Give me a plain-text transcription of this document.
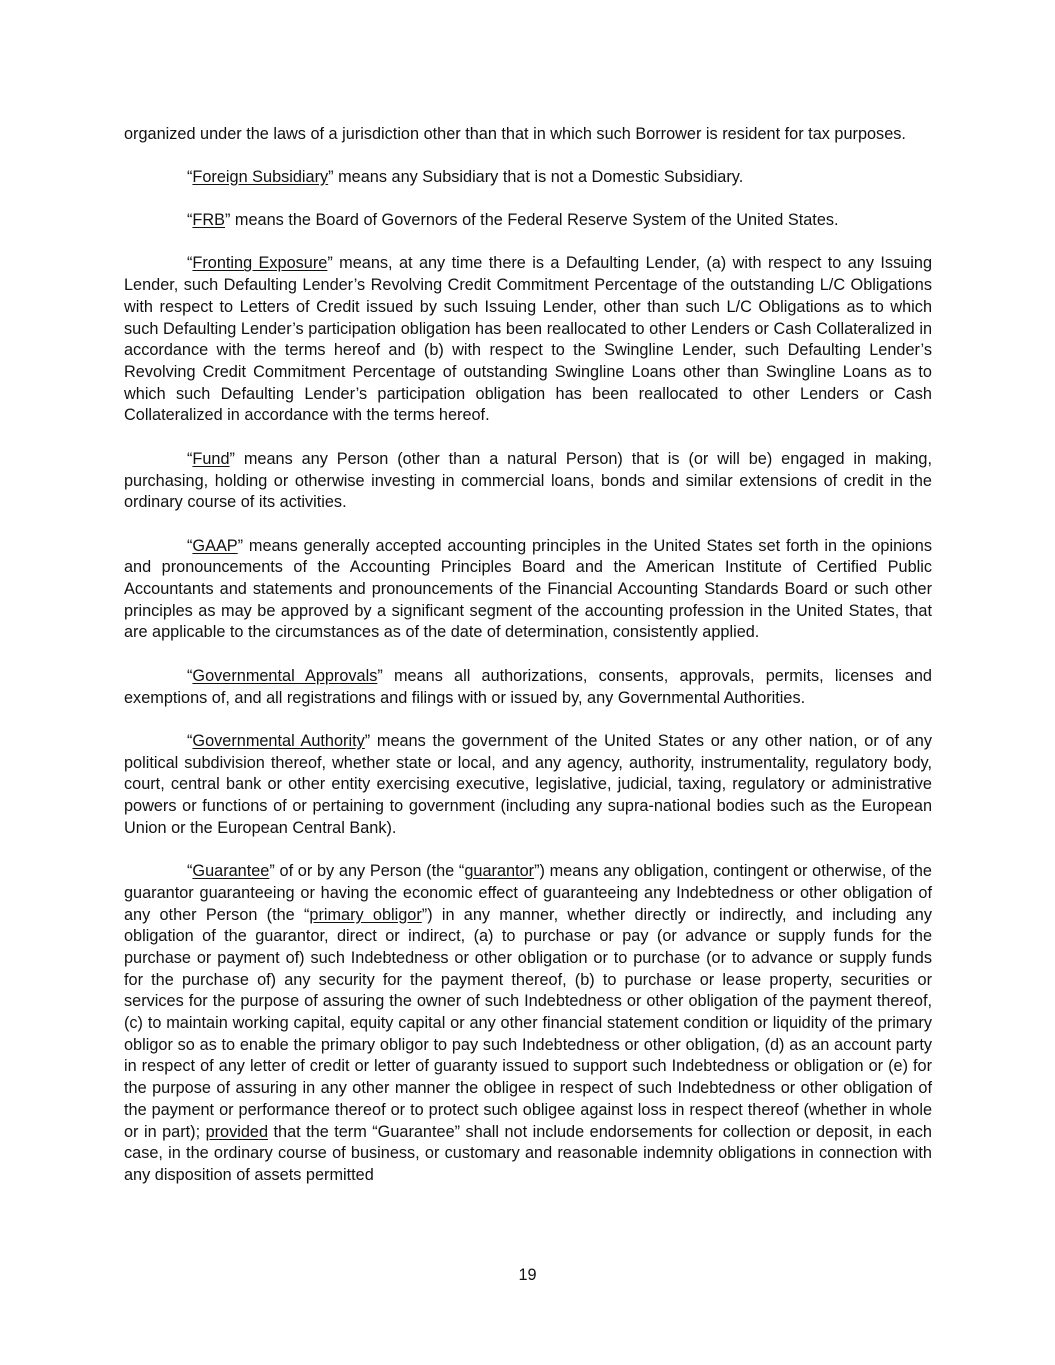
organized under the laws of a jurisdiction other than that in which such Borrower is resident for tax purposes.

“Foreign Subsidiary” means any Subsidiary that is not a Domestic Subsidiary.

“FRB” means the Board of Governors of the Federal Reserve System of the United States.

“Fronting Exposure” means, at any time there is a Defaulting Lender, (a) with respect to any Issuing Lender, such Defaulting Lender’s Revolving Credit Commitment Percentage of the outstanding L/C Obligations with respect to Letters of Credit issued by such Issuing Lender, other than such L/C Obligations as to which such Defaulting Lender’s participation obligation has been reallocated to other Lenders or Cash Collateralized in accordance with the terms hereof and (b) with respect to the Swingline Lender, such Defaulting Lender’s Revolving Credit Commitment Percentage of outstanding Swingline Loans other than Swingline Loans as to which such Defaulting Lender’s participation obligation has been reallocated to other Lenders or Cash Collateralized in accordance with the terms hereof.

“Fund” means any Person (other than a natural Person) that is (or will be) engaged in making, purchasing, holding or otherwise investing in commercial loans, bonds and similar extensions of credit in the ordinary course of its activities.

“GAAP” means generally accepted accounting principles in the United States set forth in the opinions and pronouncements of the Accounting Principles Board and the American Institute of Certified Public Accountants and statements and pronouncements of the Financial Accounting Standards Board or such other principles as may be approved by a significant segment of the accounting profession in the United States, that are applicable to the circumstances as of the date of determination, consistently applied.

“Governmental Approvals” means all authorizations, consents, approvals, permits, licenses and exemptions of, and all registrations and filings with or issued by, any Governmental Authorities.

“Governmental Authority” means the government of the United States or any other nation, or of any political subdivision thereof, whether state or local, and any agency, authority, instrumentality, regulatory body, court, central bank or other entity exercising executive, legislative, judicial, taxing, regulatory or administrative powers or functions of or pertaining to government (including any supra-national bodies such as the European Union or the European Central Bank).

“Guarantee” of or by any Person (the “guarantor”) means any obligation, contingent or otherwise, of the guarantor guaranteeing or having the economic effect of guaranteeing any Indebtedness or other obligation of any other Person (the “primary obligor”) in any manner, whether directly or indirectly, and including any obligation of the guarantor, direct or indirect, (a) to purchase or pay (or advance or supply funds for the purchase or payment of) such Indebtedness or other obligation or to purchase (or to advance or supply funds for the purchase of) any security for the payment thereof, (b) to purchase or lease property, securities or services for the purpose of assuring the owner of such Indebtedness or other obligation of the payment thereof, (c) to maintain working capital, equity capital or any other financial statement condition or liquidity of the primary obligor so as to enable the primary obligor to pay such Indebtedness or other obligation, (d) as an account party in respect of any letter of credit or letter of guaranty issued to support such Indebtedness or obligation or (e) for the purpose of assuring in any other manner the obligee in respect of such Indebtedness or other obligation of the payment or performance thereof or to protect such obligee against loss in respect thereof (whether in whole or in part); provided that the term “Guarantee” shall not include endorsements for collection or deposit, in each case, in the ordinary course of business, or customary and reasonable indemnity obligations in connection with any disposition of assets permitted

19
